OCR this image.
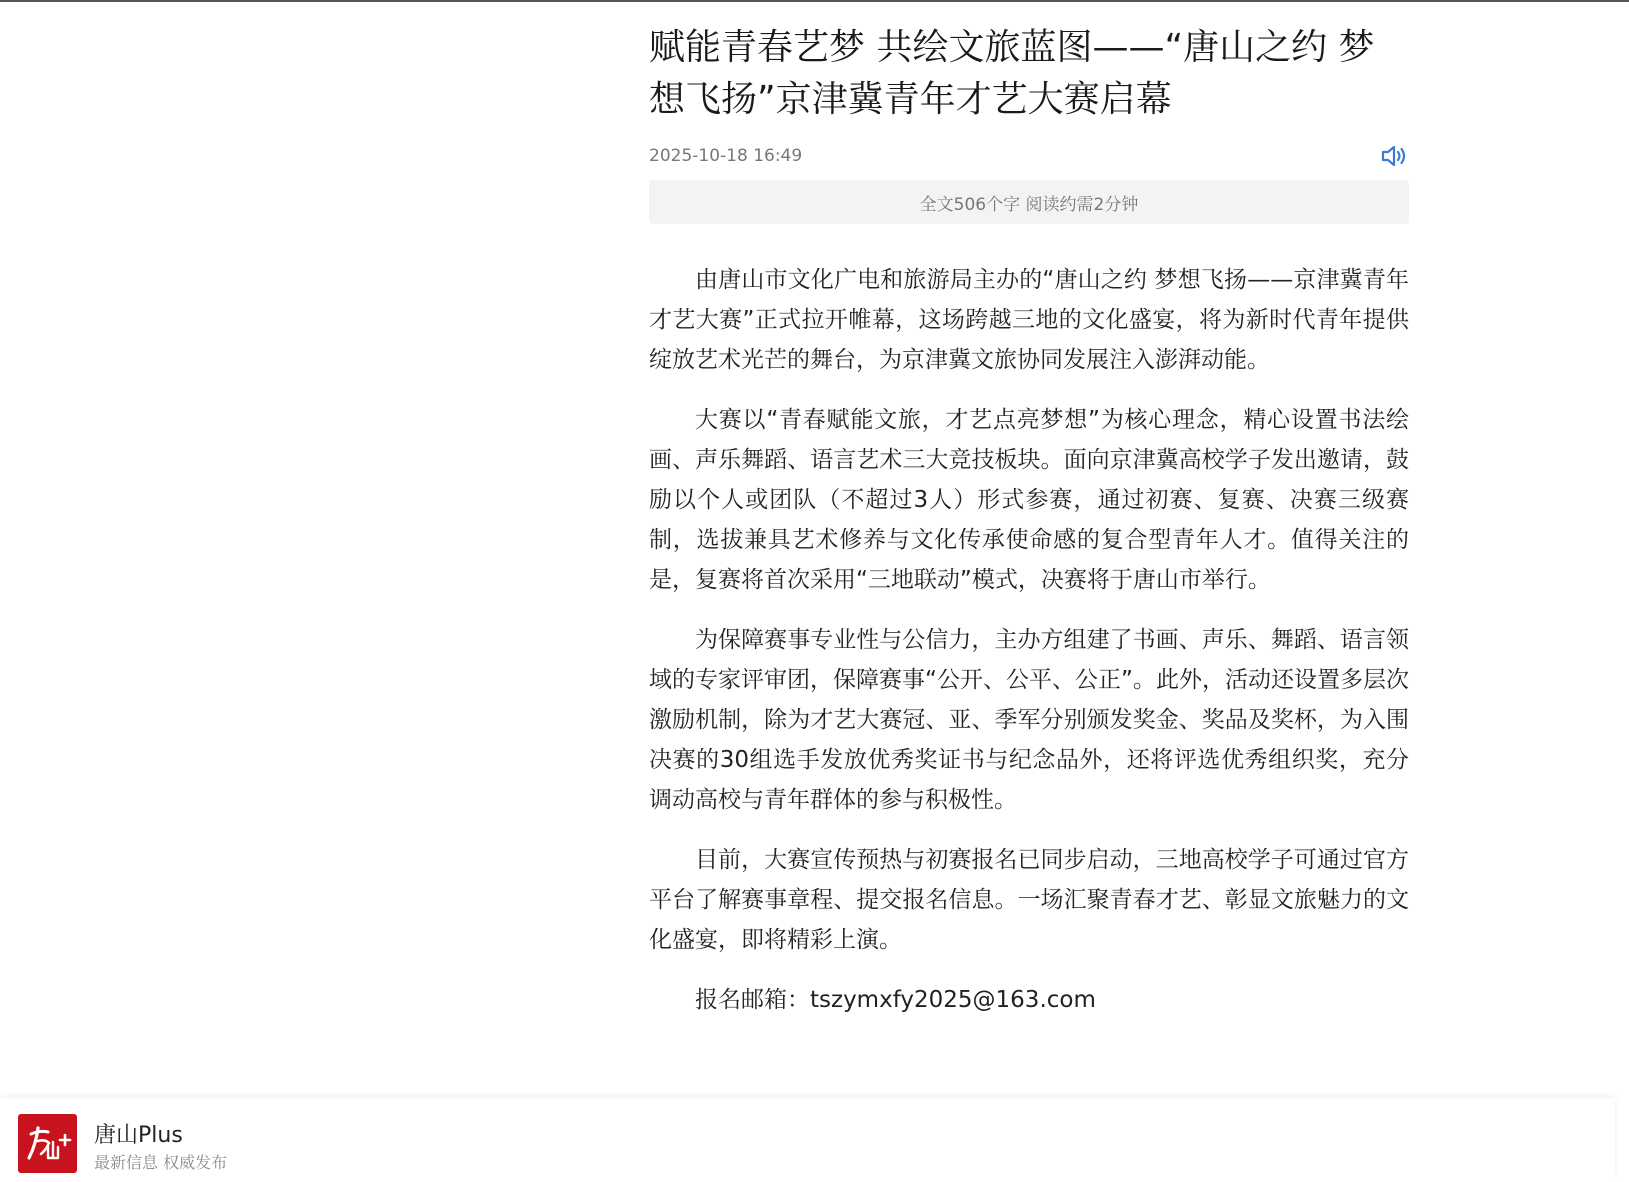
赋能青春艺梦 共绘文旅蓝图——“唐山之约 梦想飞扬”京津冀青年才艺大赛启幕
2025-10-18 16:49
全文506个字 阅读约需2分钟

由唐山市文化广电和旅游局主办的“唐山之约 梦想飞扬——京津冀青年才艺大赛”正式拉开帷幕，这场跨越三地的文化盛宴，将为新时代青年提供绽放艺术光芒的舞台，为京津冀文旅协同发展注入澎湃动能。

大赛以“青春赋能文旅，才艺点亮梦想”为核心理念，精心设置书法绘画、声乐舞蹈、语言艺术三大竞技板块。面向京津冀高校学子发出邀请，鼓励以个人或团队（不超过3人）形式参赛，通过初赛、复赛、决赛三级赛制，选拔兼具艺术修养与文化传承使命感的复合型青年人才。值得关注的是，复赛将首次采用“三地联动”模式，决赛将于唐山市举行。

为保障赛事专业性与公信力，主办方组建了书画、声乐、舞蹈、语言领域的专家评审团，保障赛事“公开、公平、公正”。此外，活动还设置多层次激励机制，除为才艺大赛冠、亚、季军分别颁发奖金、奖品及奖杯，为入围决赛的30组选手发放优秀奖证书与纪念品外，还将评选优秀组织奖，充分调动高校与青年群体的参与积极性。

目前，大赛宣传预热与初赛报名已同步启动，三地高校学子可通过官方平台了解赛事章程、提交报名信息。一场汇聚青春才艺、彰显文旅魅力的文化盛宴，即将精彩上演。

报名邮箱：tszymxfy2025@163.com

唐山Plus
最新信息 权威发布
